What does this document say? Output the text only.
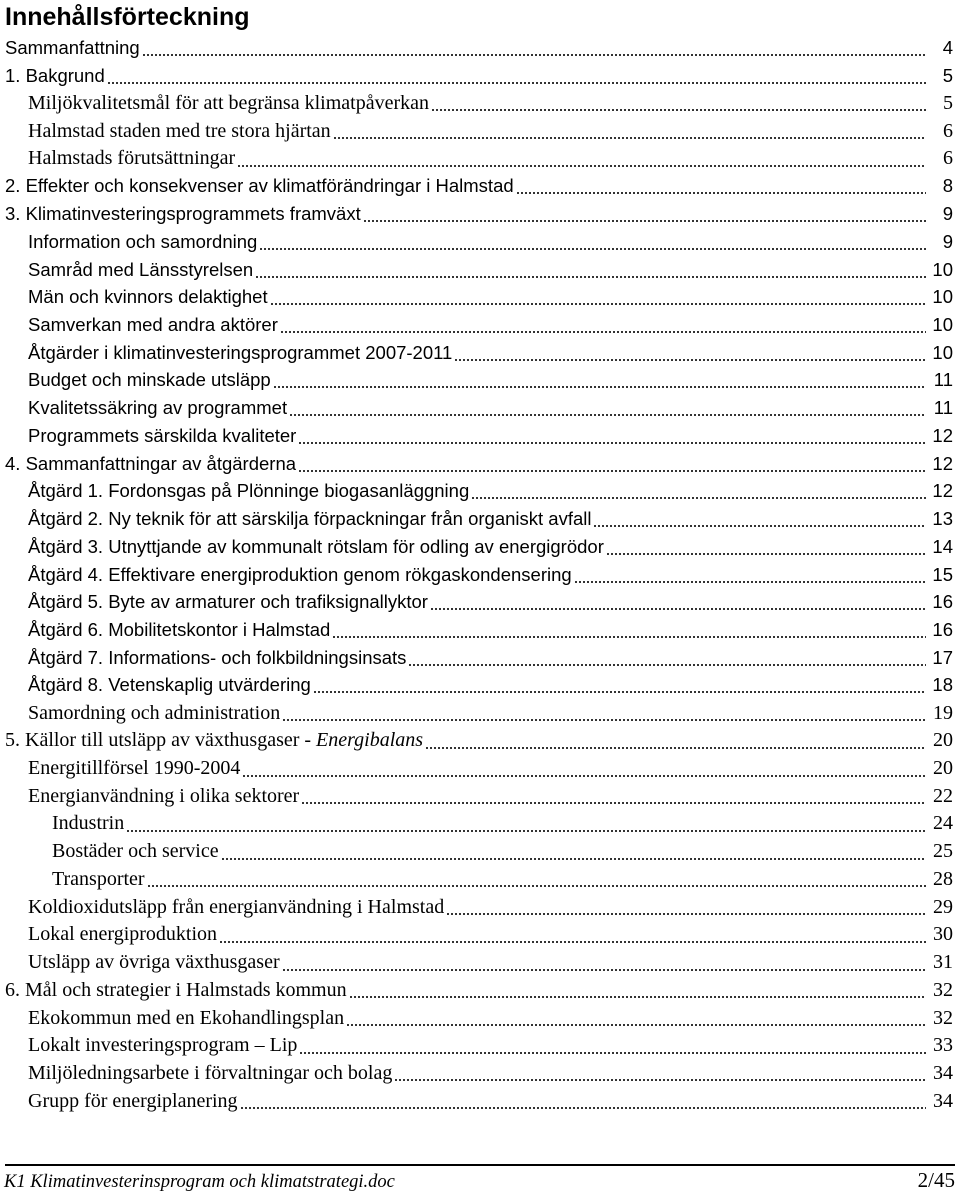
Innehållsförteckning
Sammanfattning	4
1. Bakgrund	5
Miljökvalitetsmål för att begränsa klimatpåverkan	5
Halmstad staden med tre stora hjärtan	6
Halmstads förutsättningar	6
2. Effekter och konsekvenser av klimatförändringar i Halmstad	8
3. Klimatinvesteringsprogrammets framväxt	9
Information och samordning	9
Samråd med Länsstyrelsen	10
Män och kvinnors delaktighet	10
Samverkan med andra aktörer	10
Åtgärder i klimatinvesteringsprogrammet 2007-2011	10
Budget och minskade utsläpp	11
Kvalitetssäkring av programmet	11
Programmets särskilda kvaliteter	12
4. Sammanfattningar av åtgärderna	12
Åtgärd 1. Fordonsgas på Plönninge biogasanläggning	12
Åtgärd 2. Ny teknik för att särskilja förpackningar från organiskt avfall	13
Åtgärd 3. Utnyttjande av kommunalt rötslam för odling av energigrödor	14
Åtgärd 4. Effektivare energiproduktion genom rökgaskondensering	15
Åtgärd 5. Byte av armaturer och trafiksignallyktor	16
Åtgärd 6. Mobilitetskontor i Halmstad	16
Åtgärd 7. Informations- och folkbildningsinsats	17
Åtgärd 8. Vetenskaplig utvärdering	18
Samordning och administration	19
5. Källor till utsläpp av växthusgaser - Energibalans	20
Energitillförsel 1990-2004	20
Energianvändning i olika sektorer	22
Industrin	24
Bostäder och service	25
Transporter	28
Koldioxidutsläpp från energianvändning i Halmstad	29
Lokal energiproduktion	30
Utsläpp av övriga växthusgaser	31
6. Mål och strategier i Halmstads kommun	32
Ekokommun med en Ekohandlingsplan	32
Lokalt investeringsprogram – Lip	33
Miljöledningsarbete i förvaltningar och bolag	34
Grupp för energiplanering	34
K1 Klimatinvesterinsprogram och klimatstrategi.doc	2/45
